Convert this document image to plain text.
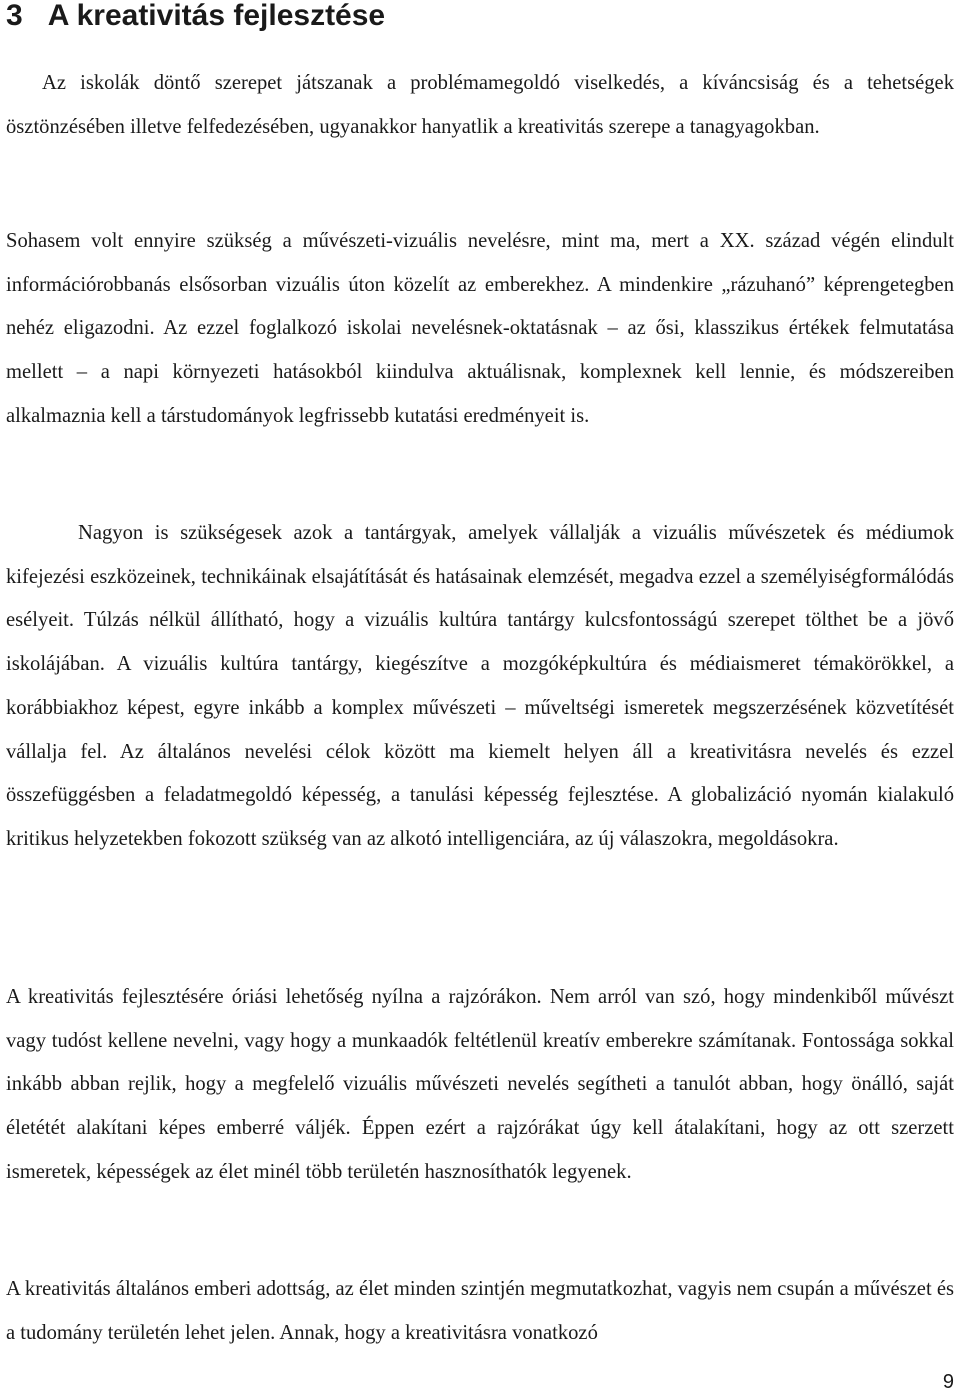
3 A kreativitás fejlesztése

Az iskolák döntő szerepet játszanak a problémamegoldó viselkedés, a kíváncsiság és a tehetségek ösztönzésében illetve felfedezésében, ugyanakkor hanyatlik a kreativitás szerepe a tanagyagokban.

Sohasem volt ennyire szükség a művészeti-vizuális nevelésre, mint ma, mert a XX. század végén elindult információrobbanás elsősorban vizuális úton közelít az emberekhez. A mindenkire „rázuhanó” képrengetegben nehéz eligazodni. Az ezzel foglalkozó iskolai nevelésnek-oktatásnak – az ősi, klasszikus értékek felmutatása mellett – a napi környezeti hatásokból kiindulva aktuálisnak, komplexnek kell lennie, és módszereiben alkalmaznia kell a társtudományok legfrissebb kutatási eredményeit is.

Nagyon is szükségesek azok a tantárgyak, amelyek vállalják a vizuális művészetek és médiumok kifejezési eszközeinek, technikáinak elsajátítását és hatásainak elemzését, megadva ezzel a személyiségformálódás esélyeit. Túlzás nélkül állítható, hogy a vizuális kultúra tantárgy kulcsfontosságú szerepet tölthet be a jövő iskolájában. A vizuális kultúra tantárgy, kiegészítve a mozgóképkultúra és médiaismeret témakörökkel, a korábbiakhoz képest, egyre inkább a komplex művészeti – műveltségi ismeretek megszerzésének közvetítését vállalja fel. Az általános nevelési célok között ma kiemelt helyen áll a kreativitásra nevelés és ezzel összefüggésben a feladatmegoldó képesség, a tanulási képesség fejlesztése. A globalizáció nyomán kialakuló kritikus helyzetekben fokozott szükség van az alkotó intelligenciára, az új válaszokra, megoldásokra.

A kreativitás fejlesztésére óriási lehetőség nyílna a rajzórákon. Nem arról van szó, hogy mindenkiből művészt vagy tudóst kellene nevelni, vagy hogy a munkaadók feltétlenül kreatív emberekre számítanak. Fontossága sokkal inkább abban rejlik, hogy a megfelelő vizuális művészeti nevelés segítheti a tanulót abban, hogy önálló, saját életétét alakítani képes emberré váljék. Éppen ezért a rajzórákat úgy kell átalakítani, hogy az ott szerzett ismeretek, képességek az élet minél több területén hasznosíthatók legyenek.

A kreativitás általános emberi adottság, az élet minden szintjén megmutatkozhat, vagyis nem csupán a művészet és a tudomány területén lehet jelen. Annak, hogy a kreativitásra vonatkozó

9
